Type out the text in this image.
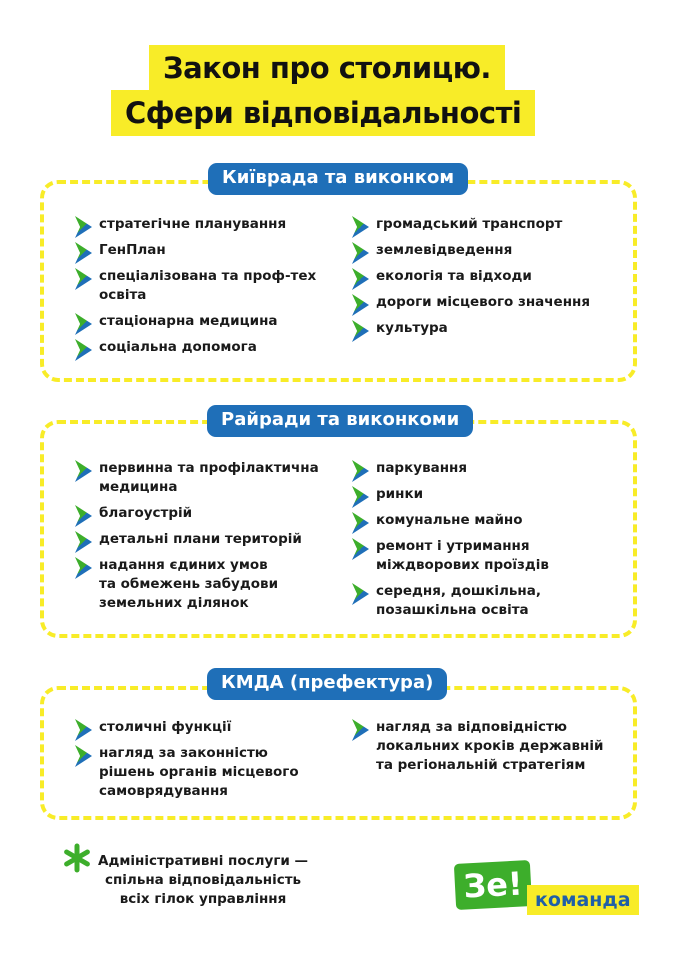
Закон про столицю.
Сфери відповідальності
Київрада та виконком
стратегічне планування
ГенПлан
спеціалізована та проф-тех
освіта
стаціонарна медицина
соціальна допомога
громадський транспорт
землевідведення
екологія та відходи
дороги місцевого значення
культура
Райради та виконкоми
первинна та профілактична
медицина
благоустрій
детальні плани територій
надання єдиних умов
та обмежень забудови
земельних ділянок
паркування
ринки
комунальне майно
ремонт і утримання
міждворових проїздів
середня, дошкільна,
позашкільна освіта
КМДА (префектура)
столичні функції
нагляд за законністю
рішень органів місцевого
самоврядування
нагляд за відповідністю
локальних кроків державній
та регіональній стратегіям
Адміністративні послуги —
спільна відповідальність
всіх гілок управління	Зе! команда
